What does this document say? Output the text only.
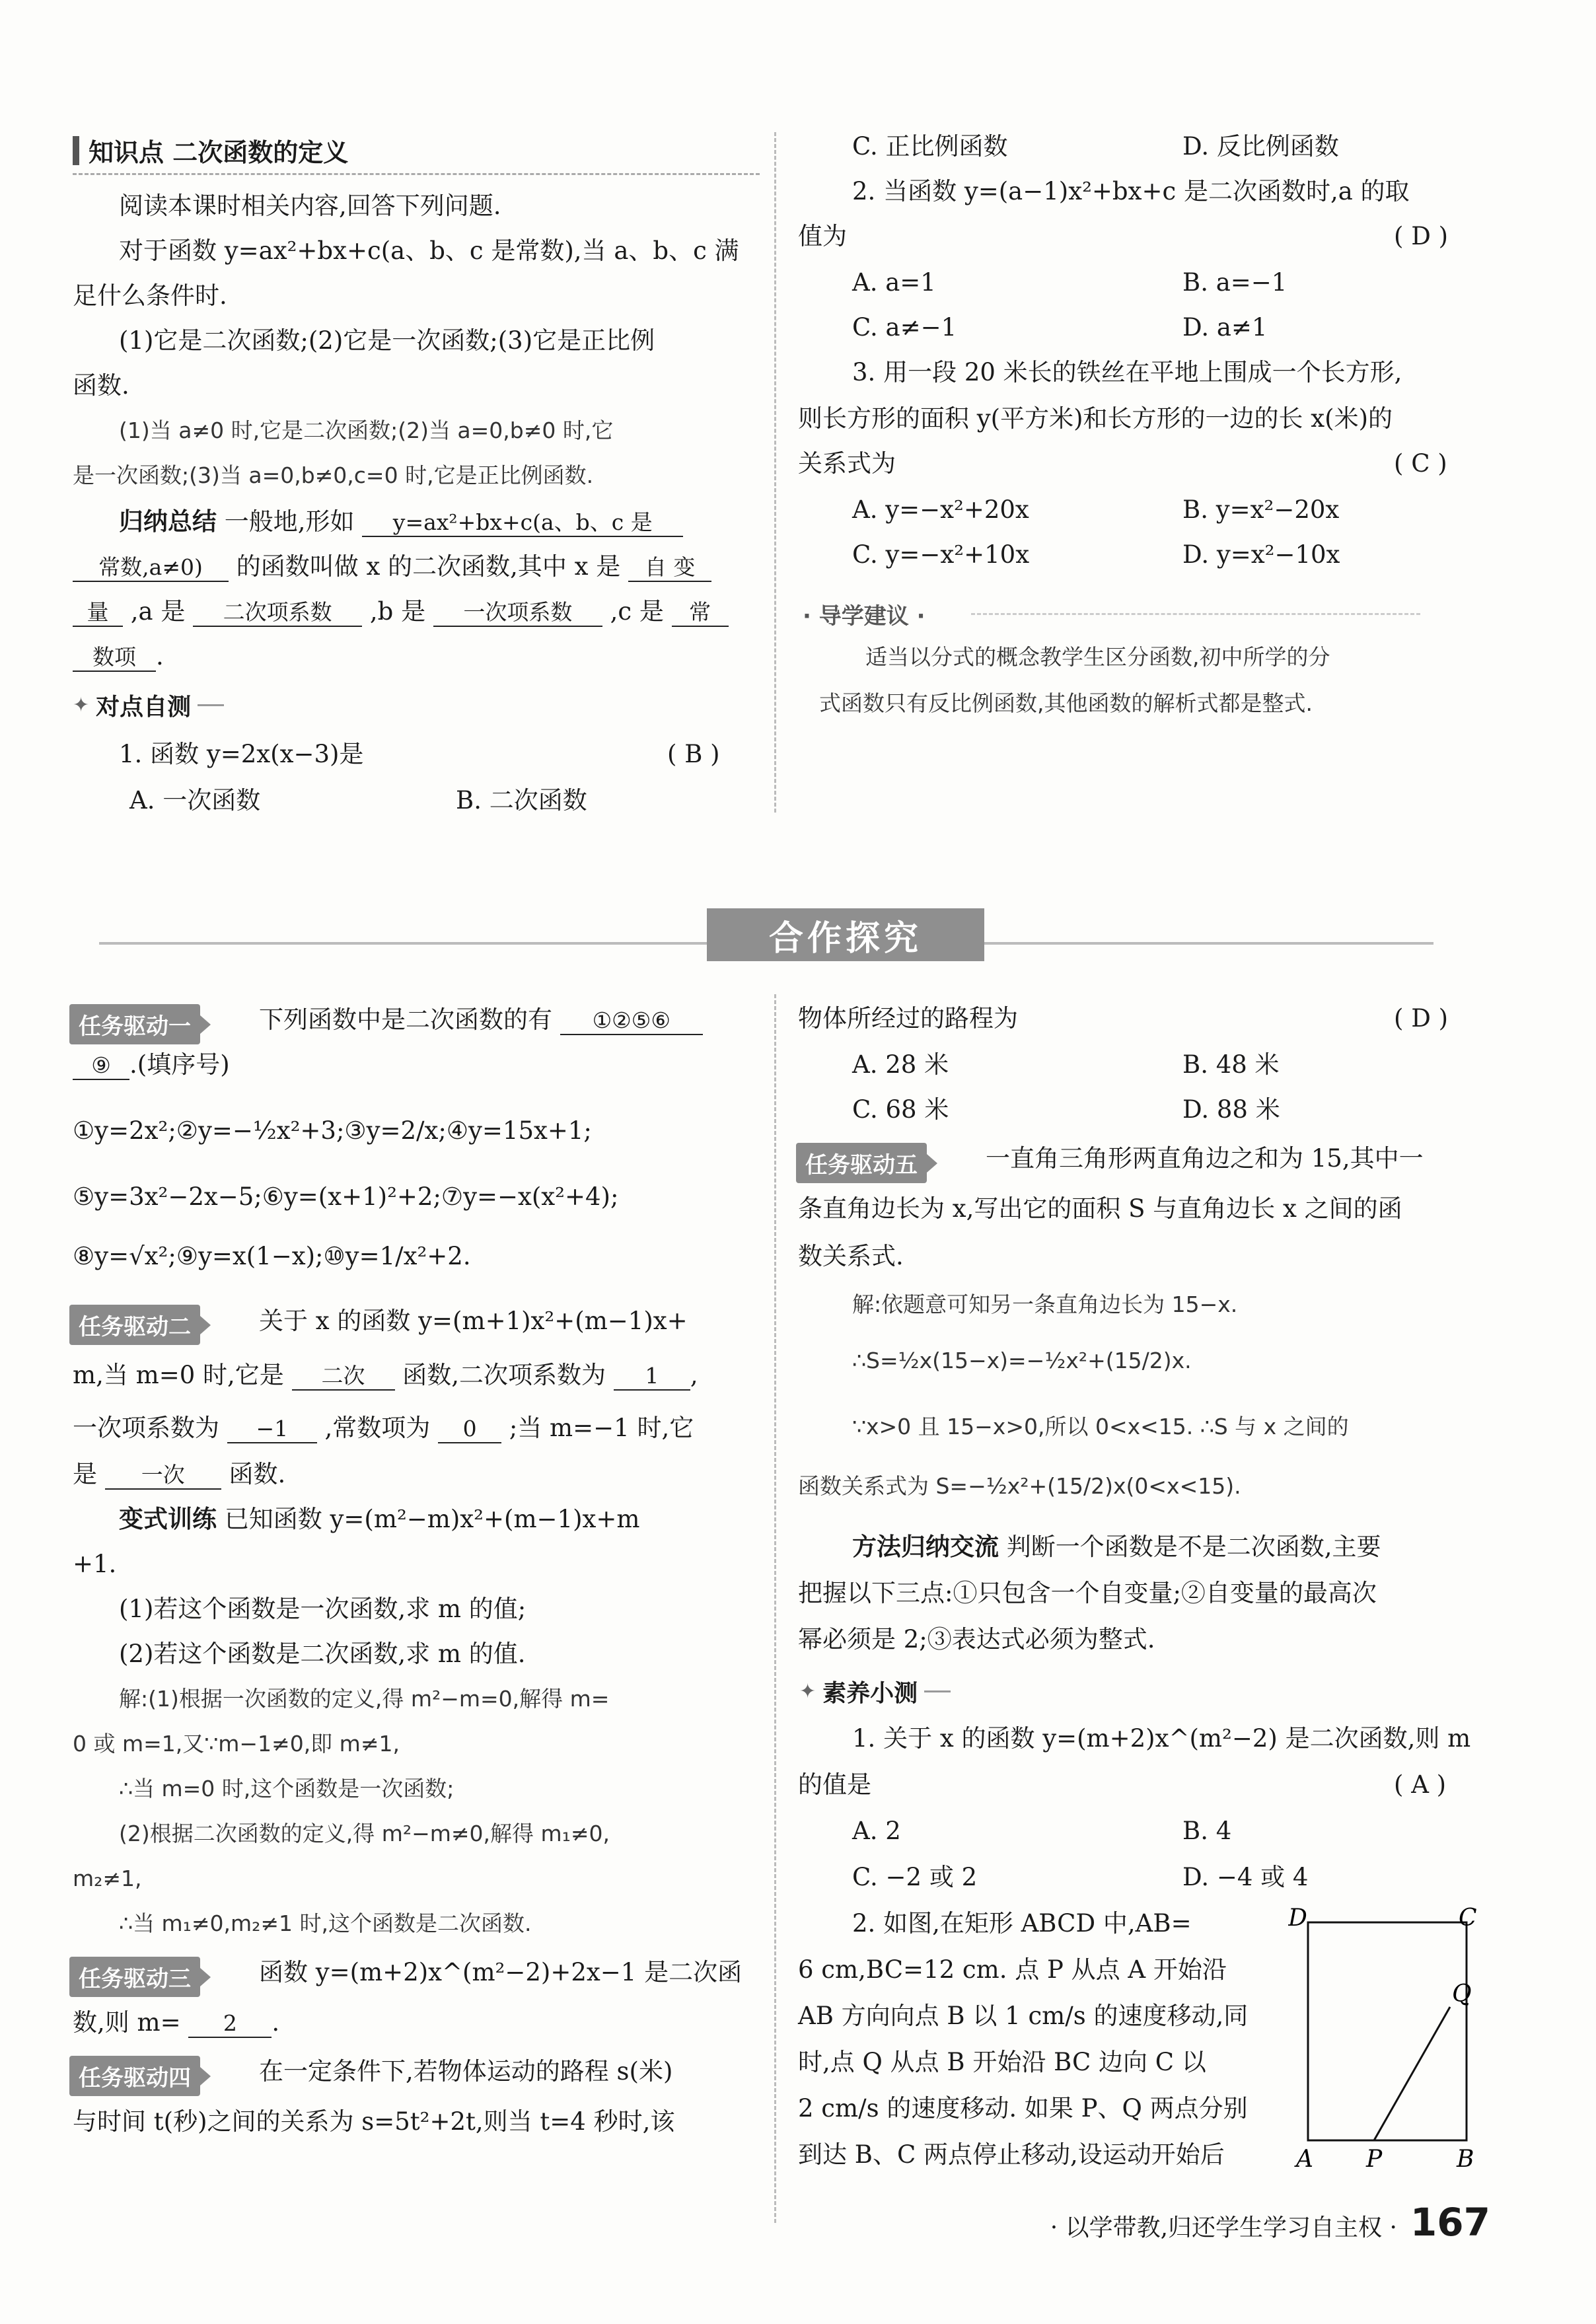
知识点 二次函数的定义
阅读本课时相关内容,回答下列问题.
对于函数 y=ax²+bx+c(a、b、c 是常数),当 a、b、c 满
足什么条件时.
(1)它是二次函数;(2)它是一次函数;(3)它是正比例
函数.
(1)当 a≠0 时,它是二次函数;(2)当 a=0,b≠0 时,它
是一次函数;(3)当 a=0,b≠0,c=0 时,它是正比例函数.
归纳总结 一般地,形如 y=ax²+bx+c(a、b、c 是
常数,a≠0) 的函数叫做 x 的二次函数,其中 x 是 自 变
量 ,a 是 二次项系数 ,b 是 一次项系数 ,c 是 常
数项 .
✦ 对点自测
1. 函数 y=2x(x−3)是	( B )
A. 一次函数	B. 二次函数
C. 正比例函数	D. 反比例函数
2. 当函数 y=(a−1)x²+bx+c 是二次函数时,a 的取
值为	( D )
A. a=1	B. a=−1
C. a≠−1	D. a≠1
3. 用一段 20 米长的铁丝在平地上围成一个长方形,
则长方形的面积 y(平方米)和长方形的一边的长 x(米)的
关系式为	( C )
A. y=−x²+20x	B. y=x²−20x
C. y=−x²+10x	D. y=x²−10x
· 导学建议 ·
适当以分式的概念教学生区分函数,初中所学的分
式函数只有反比例函数,其他函数的解析式都是整式.
合作探究
任务驱动一	下列函数中是二次函数的有 ①②⑤⑥
⑨ .(填序号)
①y=2x²;②y=−½x²+3;③y=2/x;④y=15x+1;
⑤y=3x²−2x−5;⑥y=(x+1)²+2;⑦y=−x(x²+4);
⑧y=√x²;⑨y=x(1−x);⑩y=1/x²+2.
任务驱动二	关于 x 的函数 y=(m+1)x²+(m−1)x+
m,当 m=0 时,它是 二次 函数,二次项系数为 1 ,
一次项系数为 −1 ,常数项为 0 ;当 m=−1 时,它
是 一次 函数.
变式训练 已知函数 y=(m²−m)x²+(m−1)x+m
+1.
(1)若这个函数是一次函数,求 m 的值;
(2)若这个函数是二次函数,求 m 的值.
解:(1)根据一次函数的定义,得 m²−m=0,解得 m=
0 或 m=1,又∵m−1≠0,即 m≠1,
∴当 m=0 时,这个函数是一次函数;
(2)根据二次函数的定义,得 m²−m≠0,解得 m₁≠0,
m₂≠1,
∴当 m₁≠0,m₂≠1 时,这个函数是二次函数.
任务驱动三	函数 y=(m+2)x^(m²−2)+2x−1 是二次函
数,则 m= 2 .
任务驱动四	在一定条件下,若物体运动的路程 s(米)
与时间 t(秒)之间的关系为 s=5t²+2t,则当 t=4 秒时,该
物体所经过的路程为	( D )
A. 28 米	B. 48 米
C. 68 米	D. 88 米
任务驱动五	一直角三角形两直角边之和为 15,其中一
条直角边长为 x,写出它的面积 S 与直角边长 x 之间的函
数关系式.
解:依题意可知另一条直角边长为 15−x.
∴S=½x(15−x)=−½x²+(15/2)x.
∵x>0 且 15−x>0,所以 0<x<15. ∴S 与 x 之间的
函数关系式为 S=−½x²+(15/2)x(0<x<15).
方法归纳交流 判断一个函数是不是二次函数,主要
把握以下三点:①只包含一个自变量;②自变量的最高次
幂必须是 2;③表达式必须为整式.
✦ 素养小测
1. 关于 x 的函数 y=(m+2)x^(m²−2) 是二次函数,则 m
的值是	( A )
A. 2	B. 4
C. −2 或 2	D. −4 或 4
2. 如图,在矩形 ABCD 中,AB=
6 cm,BC=12 cm. 点 P 从点 A 开始沿
AB 方向向点 B 以 1 cm/s 的速度移动,同
时,点 Q 从点 B 开始沿 BC 边向 C 以
2 cm/s 的速度移动. 如果 P、Q 两点分别
到达 B、C 两点停止移动,设运动开始后
D	C
Q
A P	B
· 以学带教,归还学生学习自主权 · 167
